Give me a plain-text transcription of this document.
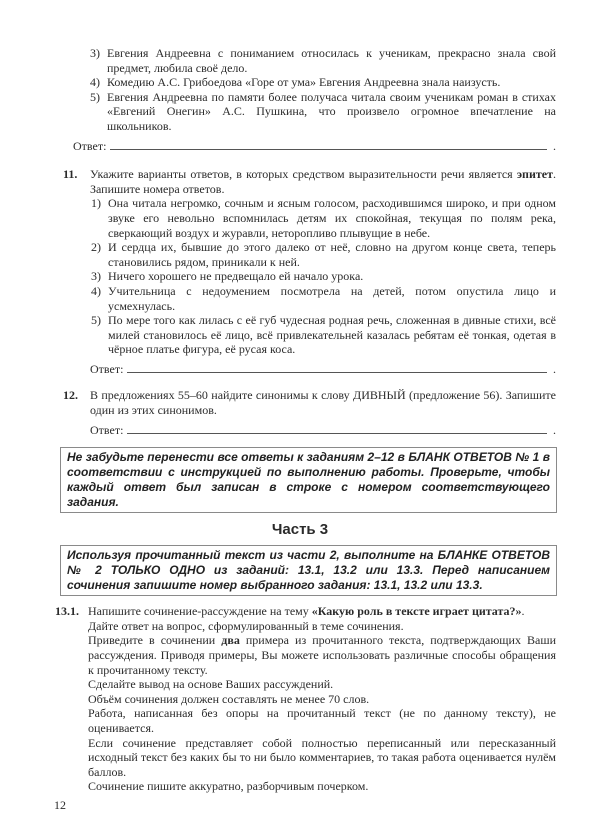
3) Евгения Андреевна с пониманием относилась к ученикам, прекрасно знала свой предмет, любила своё дело.
4) Комедию А.С. Грибоедова «Горе от ума» Евгения Андреевна знала наизусть.
5) Евгения Андреевна по памяти более получаса читала своим ученикам роман в стихах «Евгений Онегин» А.С. Пушкина, что произвело огромное впечатление на школьников.
Ответ:	.
11. Укажите варианты ответов, в которых средством выразительности речи является эпитет. Запишите номера ответов.
1) Она читала негромко, сочным и ясным голосом, расходившимся широко, и при одном звуке его невольно вспомнилась детям их спокойная, текущая по полям река, сверкающий воздух и журавли, неторопливо плывущие в небе.
2) И сердца их, бывшие до этого далеко от неё, словно на другом конце света, теперь становились рядом, приникали к ней.
3) Ничего хорошего не предвещало ей начало урока.
4) Учительница с недоумением посмотрела на детей, потом опустила лицо и усмехнулась.
5) По мере того как лилась с её губ чудесная родная речь, сложенная в дивные стихи, всё милей становилось её лицо, всё привлекательней казалась ребятам её тонкая, одетая в чёрное платье фигура, её русая коса.
Ответ:	.
12. В предложениях 55–60 найдите синонимы к слову ДИВНЫЙ (предложение 56). Запишите один из этих синонимов.
Ответ:	.
Не забудьте перенести все ответы к заданиям 2–12 в БЛАНК ОТВЕТОВ № 1 в соответствии с инструкцией по выполнению работы. Проверьте, чтобы каждый ответ был записан в строке с номером соответствующего задания.
Часть 3
Используя прочитанный текст из части 2, выполните на БЛАНКЕ ОТВЕТОВ № 2 ТОЛЬКО ОДНО из заданий: 13.1, 13.2 или 13.3. Перед написанием сочинения запишите номер выбранного задания: 13.1, 13.2 или 13.3.
13.1. Напишите сочинение-рассуждение на тему «Какую роль в тексте играет цитата?».
Дайте ответ на вопрос, сформулированный в теме сочинения.
Приведите в сочинении два примера из прочитанного текста, подтверждающих Ваши рассуждения. Приводя примеры, Вы можете использовать различные способы обращения к прочитанному тексту.
Сделайте вывод на основе Ваших рассуждений.
Объём сочинения должен составлять не менее 70 слов.
Работа, написанная без опоры на прочитанный текст (не по данному тексту), не оценивается.
Если сочинение представляет собой полностью переписанный или пересказанный исходный текст без каких бы то ни было комментариев, то такая работа оценивается нулём баллов.
Сочинение пишите аккуратно, разборчивым почерком.
12
